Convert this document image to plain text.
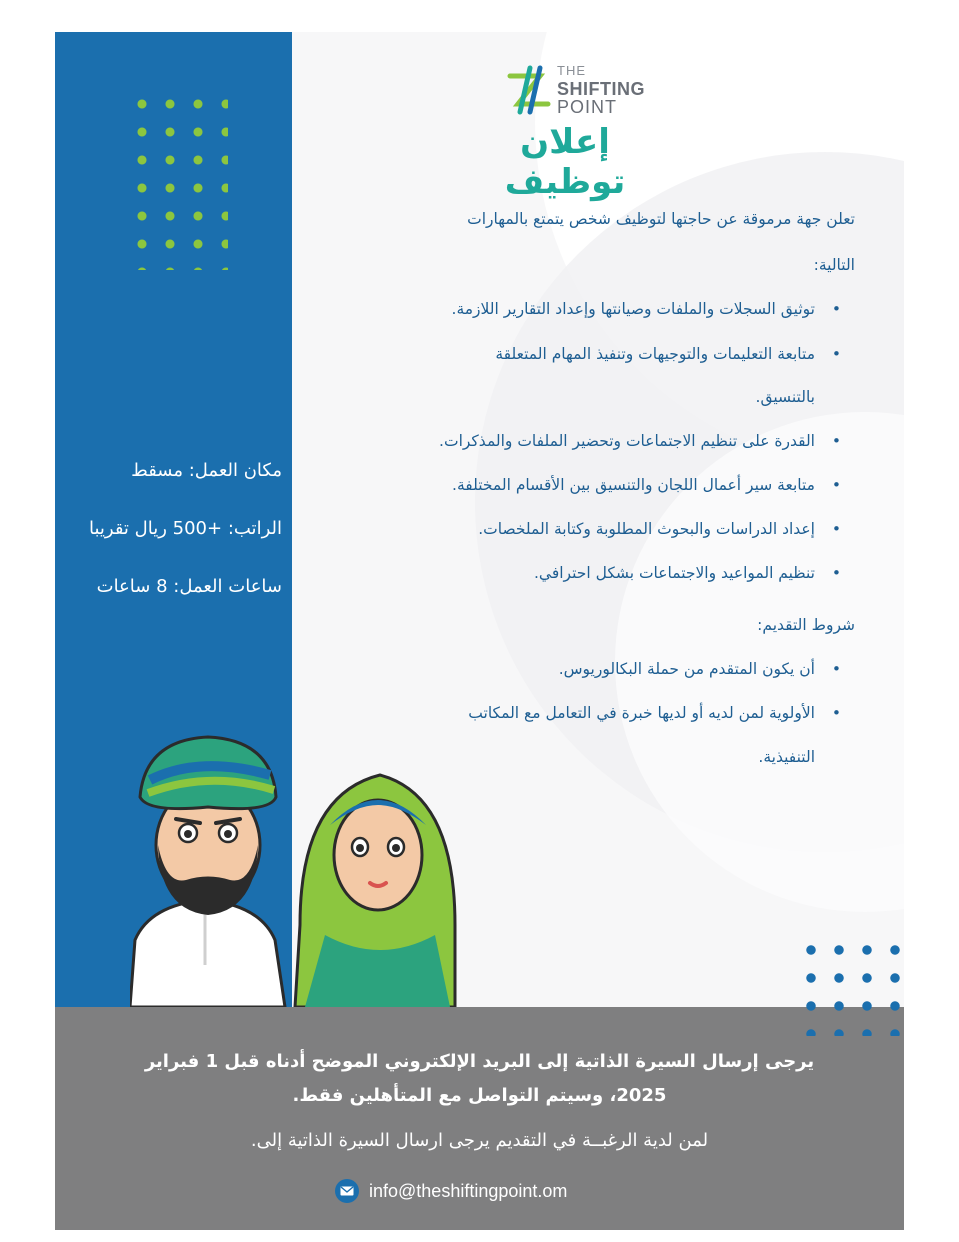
مكان العمل: مسقط
الراتب: +500 ريال تقريبا
ساعات العمل: 8 ساعات
THE
SHIFTING
POINT
إعلان توظيف
تعلن جهة مرموقة عن حاجتها لتوظيف شخص يتمتع بالمهارات
التالية:
• توثيق السجلات والملفات وصيانتها وإعداد التقارير اللازمة.
• متابعة التعليمات والتوجيهات وتنفيذ المهام المتعلقة
بالتنسيق.
• القدرة على تنظيم الاجتماعات وتحضير الملفات والمذكرات.
• متابعة سير أعمال اللجان والتنسيق بين الأقسام المختلفة.
• إعداد الدراسات والبحوث المطلوبة وكتابة الملخصات.
• تنظيم المواعيد والاجتماعات بشكل احترافي.
شروط التقديم:
• أن يكون المتقدم من حملة البكالوريوس.
• الأولوية لمن لديه أو لديها خبرة في التعامل مع المكاتب
التنفيذية.
يرجى إرسال السيرة الذاتية إلى البريد الإلكتروني الموضح أدناه قبل 1 فبراير
2025، وسيتم التواصل مع المتأهلين فقط.
لمن لدية الرغبــة في التقديم يرجى ارسال السيرة الذاتية إلى.
info@theshiftingpoint.om
